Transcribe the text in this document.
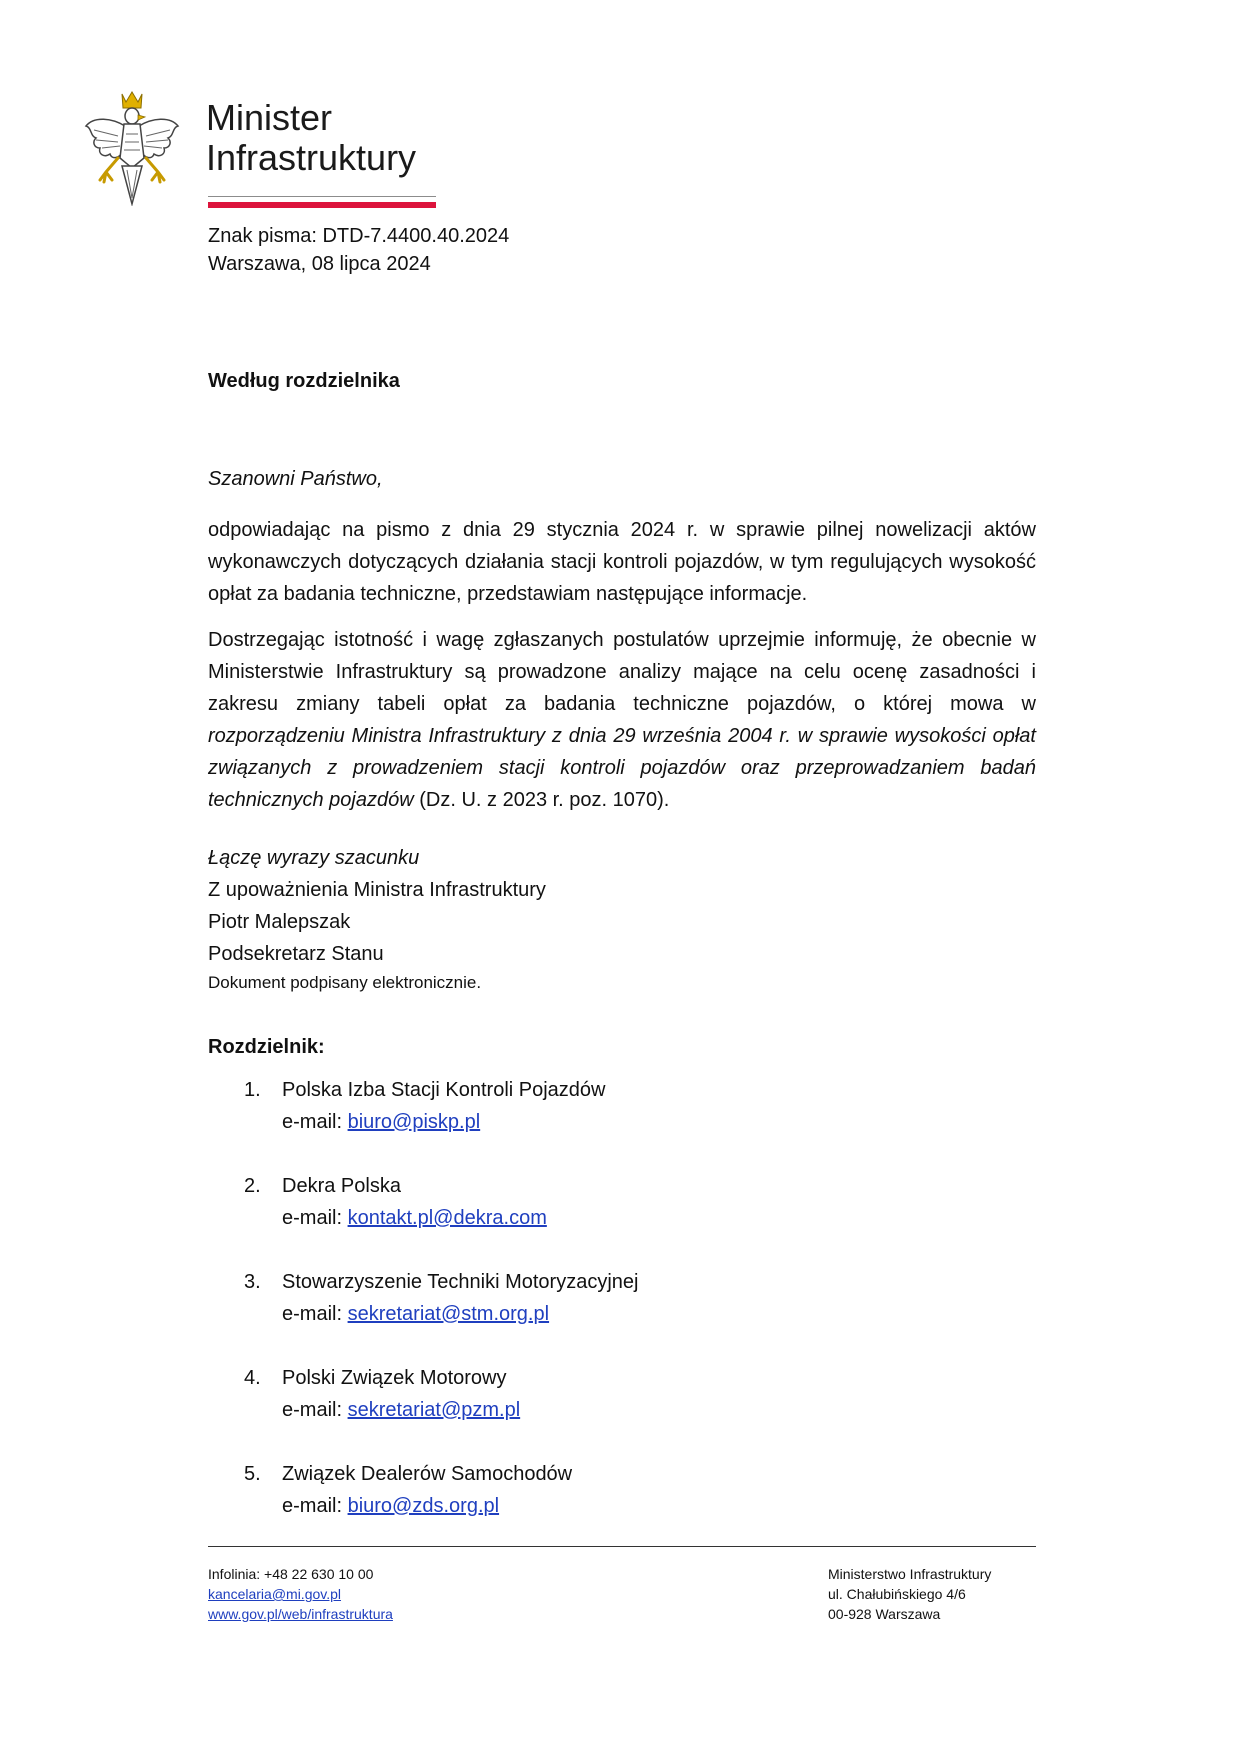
Minister
Infrastruktury
Znak pisma: DTD-7.4400.40.2024
Warszawa, 08 lipca 2024
Według rozdzielnika
Szanowni Państwo,
odpowiadając na pismo z dnia 29 stycznia 2024 r. w sprawie pilnej nowelizacji aktów wykonawczych dotyczących działania stacji kontroli pojazdów, w tym regulujących wysokość opłat za badania techniczne, przedstawiam następujące informacje.
Dostrzegając istotność i wagę zgłaszanych postulatów uprzejmie informuję, że obecnie w Ministerstwie Infrastruktury są prowadzone analizy mające na celu ocenę zasadności i zakresu zmiany tabeli opłat za badania techniczne pojazdów, o której mowa w rozporządzeniu Ministra Infrastruktury z dnia 29 września 2004 r. w sprawie wysokości opłat związanych z prowadzeniem stacji kontroli pojazdów oraz przeprowadzaniem badań technicznych pojazdów (Dz. U. z 2023 r. poz. 1070).
Łączę wyrazy szacunku
Z upoważnienia Ministra Infrastruktury
Piotr Malepszak
Podsekretarz Stanu
Dokument podpisany elektronicznie.
Rozdzielnik:
1. Polska Izba Stacji Kontroli Pojazdów
e-mail: biuro@piskp.pl
2. Dekra Polska
e-mail: kontakt.pl@dekra.com
3. Stowarzyszenie Techniki Motoryzacyjnej
e-mail: sekretariat@stm.org.pl
4. Polski Związek Motorowy
e-mail: sekretariat@pzm.pl
5. Związek Dealerów Samochodów
e-mail: biuro@zds.org.pl
Infolinia: +48 22 630 10 00
kancelaria@mi.gov.pl
www.gov.pl/web/infrastruktura
Ministerstwo Infrastruktury
ul. Chałubińskiego 4/6
00-928 Warszawa
